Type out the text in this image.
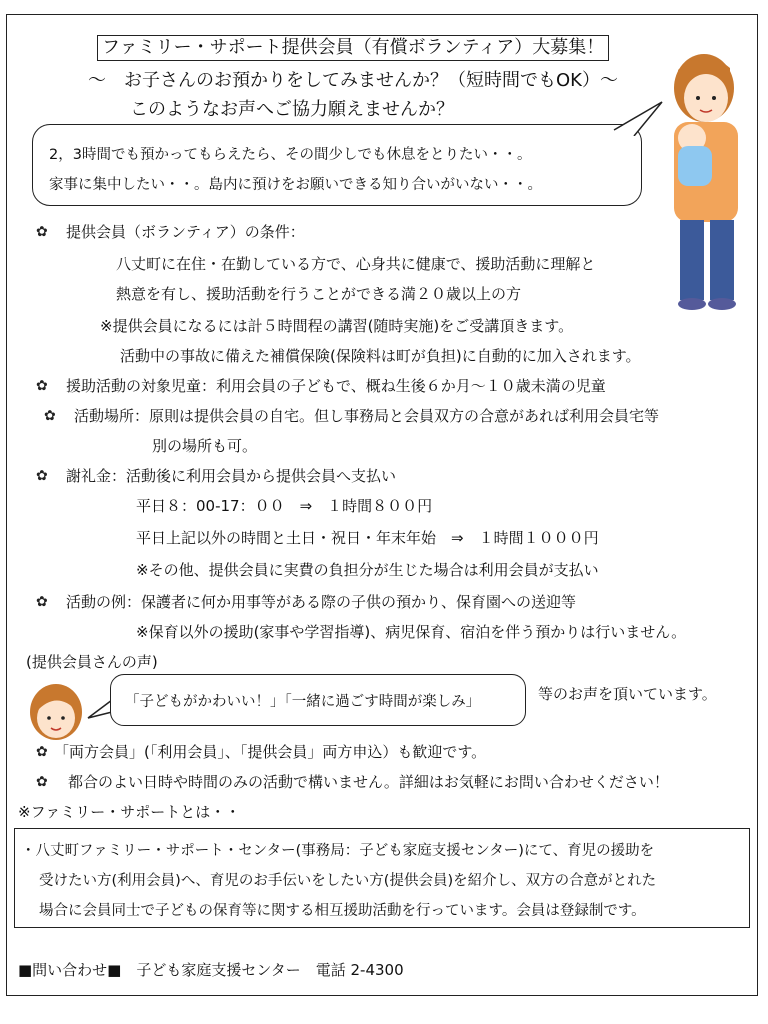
ファミリー・サポート提供会員（有償ボランティア）大募集！
～　お子さんのお預かりをしてみませんか？（短時間でもOK）～
このようなお声へご協力願えませんか？
2，3時間でも預かってもらえたら、その間少しでも休息をとりたい・・。
家事に集中したい・・。島内に預けをお願いできる知り合いがいない・・。
✿ 提供会員（ボランティア）の条件：
八丈町に在住・在勤している方で、心身共に健康で、援助活動に理解と
熱意を有し、援助活動を行うことができる満２０歳以上の方
※提供会員になるには計５時間程の講習(随時実施)をご受講頂きます。
活動中の事故に備えた補償保険(保険料は町が負担)に自動的に加入されます。
✿ 援助活動の対象児童：利用会員の子どもで、概ね生後６か月～１０歳未満の児童
✿ 活動場所：原則は提供会員の自宅。但し事務局と会員双方の合意があれば利用会員宅等
別の場所も可。
✿ 謝礼金：活動後に利用会員から提供会員へ支払い
平日８：00-17：００　⇒　１時間８００円
平日上記以外の時間と土日・祝日・年末年始　⇒　１時間１０００円
※その他、提供会員に実費の負担分が生じた場合は利用会員が支払い
✿ 活動の例：保護者に何か用事等がある際の子供の預かり、保育園への送迎等
※保育以外の援助(家事や学習指導)、病児保育、宿泊を伴う預かりは行いません。
(提供会員さんの声)
「子どもがかわいい！」「一緒に過ごす時間が楽しみ」	等のお声を頂いています。
✿ 「両方会員」(「利用会員」、「提供会員」両方申込）も歓迎です。
✿ 都合のよい日時や時間のみの活動で構いません。詳細はお気軽にお問い合わせください！
※ファミリー・サポートとは・・
・八丈町ファミリー・サポート・センター(事務局：子ども家庭支援センター)にて、育児の援助を
受けたい方(利用会員)へ、育児のお手伝いをしたい方(提供会員)を紹介し、双方の合意がとれた
場合に会員同士で子どもの保育等に関する相互援助活動を行っています。会員は登録制です。
■問い合わせ■　子ども家庭支援センター　電話 2-4300
